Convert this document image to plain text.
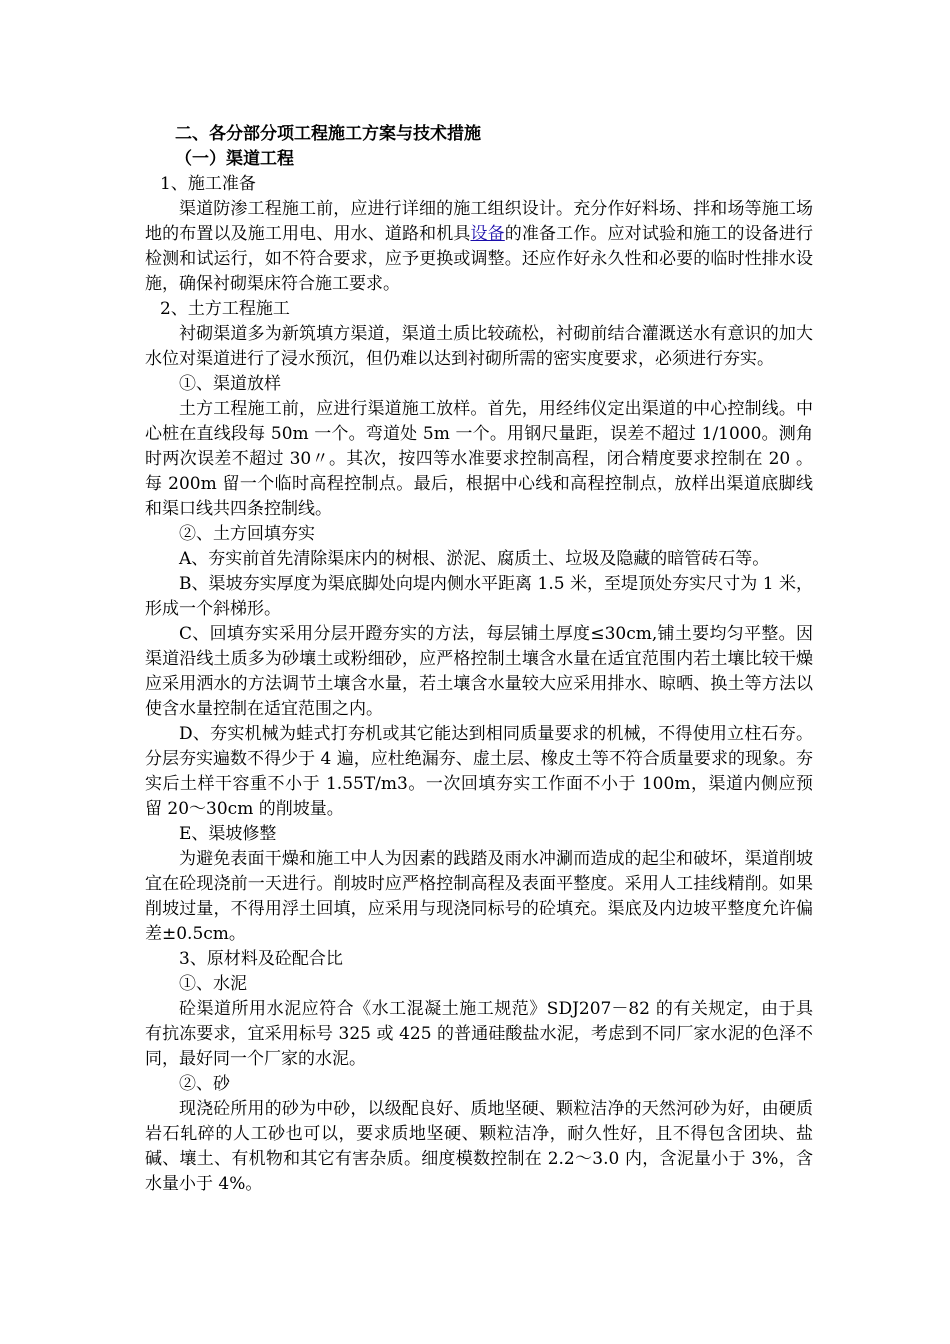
二、各分部分项工程施工方案与技术措施
（一）渠道工程
1、施工准备

渠道防渗工程施工前，应进行详细的施工组织设计。充分作好料场、拌和场等施工场地的布置以及施工用电、用水、道路和机具设备的准备工作。应对试验和施工的设备进行检测和试运行，如不符合要求，应予更换或调整。还应作好永久性和必要的临时性排水设施，确保衬砌渠床符合施工要求。

2、土方工程施工

衬砌渠道多为新筑填方渠道，渠道土质比较疏松，衬砌前结合灌溉送水有意识的加大水位对渠道进行了浸水预沉，但仍难以达到衬砌所需的密实度要求，必须进行夯实。

①、渠道放样

土方工程施工前，应进行渠道施工放样。首先，用经纬仪定出渠道的中心控制线。中心桩在直线段每 50m 一个。弯道处 5m 一个。用钢尺量距，误差不超过 1/1000。测角时两次误差不超过 30〃。其次，按四等水准要求控制高程，闭合精度要求控制在 20 。每 200m 留一个临时高程控制点。最后，根据中心线和高程控制点，放样出渠道底脚线和渠口线共四条控制线。

②、土方回填夯实

A、夯实前首先清除渠床内的树根、淤泥、腐质土、垃圾及隐藏的暗管砖石等。

B、渠坡夯实厚度为渠底脚处向堤内侧水平距离 1.5 米，至堤顶处夯实尺寸为 1 米，形成一个斜梯形。

C、回填夯实采用分层开蹬夯实的方法，每层铺土厚度≤30cm,铺土要均匀平整。因渠道沿线土质多为砂壤土或粉细砂，应严格控制土壤含水量在适宜范围内若土壤比较干燥应采用洒水的方法调节土壤含水量，若土壤含水量较大应采用排水、晾晒、换土等方法以使含水量控制在适宜范围之内。

D、夯实机械为蛙式打夯机或其它能达到相同质量要求的机械，不得使用立柱石夯。分层夯实遍数不得少于 4 遍，应杜绝漏夯、虚土层、橡皮土等不符合质量要求的现象。夯实后土样干容重不小于 1.55T/m3。一次回填夯实工作面不小于 100m，渠道内侧应预留 20～30cm 的削坡量。

E、渠坡修整

为避免表面干燥和施工中人为因素的践踏及雨水冲涮而造成的起尘和破坏，渠道削坡宜在砼现浇前一天进行。削坡时应严格控制高程及表面平整度。采用人工挂线精削。如果削坡过量，不得用浮土回填，应采用与现浇同标号的砼填充。渠底及内边坡平整度允许偏差±0.5cm。

3、原材料及砼配合比
①、水泥

砼渠道所用水泥应符合《水工混凝土施工规范》SDJ207－82 的有关规定，由于具有抗冻要求，宜采用标号 325 或 425 的普通硅酸盐水泥，考虑到不同厂家水泥的色泽不同，最好同一个厂家的水泥。

②、砂

现浇砼所用的砂为中砂，以级配良好、质地坚硬、颗粒洁净的天然河砂为好，由硬质岩石轧碎的人工砂也可以，要求质地坚硬、颗粒洁净，耐久性好，且不得包含团块、盐碱、壤土、有机物和其它有害杂质。细度模数控制在 2.2～3.0 内，含泥量小于 3%，含水量小于 4%。
